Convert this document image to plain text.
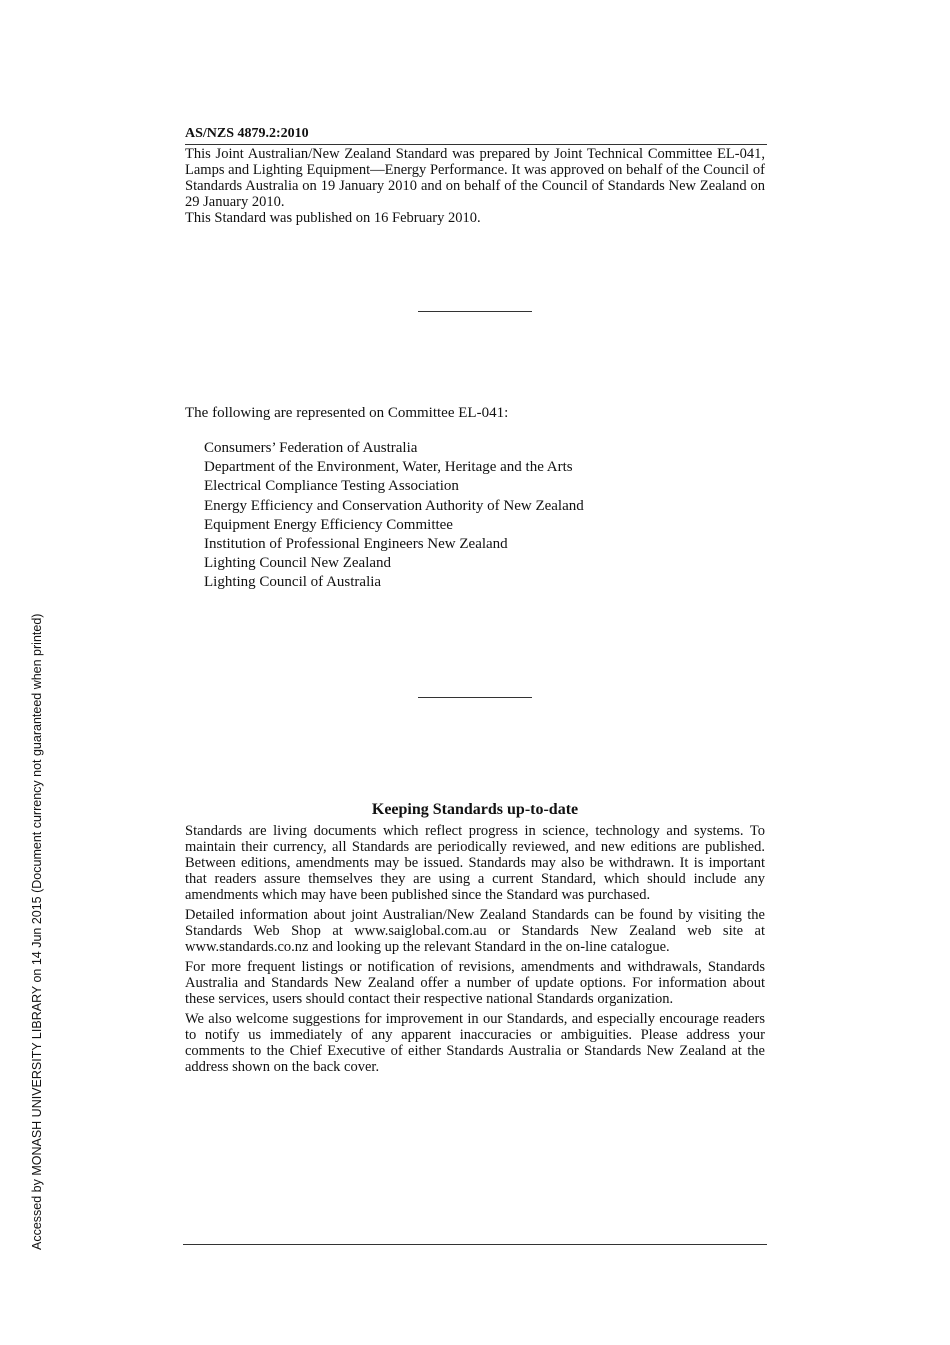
AS/NZS 4879.2:2010

This Joint Australian/New Zealand Standard was prepared by Joint Technical Committee EL-041, Lamps and Lighting Equipment—Energy Performance. It was approved on behalf of the Council of Standards Australia on 19 January 2010 and on behalf of the Council of Standards New Zealand on 29 January 2010.

This Standard was published on 16 February 2010.

The following are represented on Committee EL-041:
Consumers’ Federation of Australia
Department of the Environment, Water, Heritage and the Arts
Electrical Compliance Testing Association
Energy Efficiency and Conservation Authority of New Zealand
Equipment Energy Efficiency Committee
Institution of Professional Engineers New Zealand
Lighting Council New Zealand
Lighting Council of Australia
Keeping Standards up-to-date

Standards are living documents which reflect progress in science, technology and systems. To maintain their currency, all Standards are periodically reviewed, and new editions are published. Between editions, amendments may be issued. Standards may also be withdrawn. It is important that readers assure themselves they are using a current Standard, which should include any amendments which may have been published since the Standard was purchased.

Detailed information about joint Australian/New Zealand Standards can be found by visiting the Standards Web Shop at www.saiglobal.com.au or Standards New Zealand web site at www.standards.co.nz and looking up the relevant Standard in the on-line catalogue.

For more frequent listings or notification of revisions, amendments and withdrawals, Standards Australia and Standards New Zealand offer a number of update options. For information about these services, users should contact their respective national Standards organization.

We also welcome suggestions for improvement in our Standards, and especially encourage readers to notify us immediately of any apparent inaccuracies or ambiguities. Please address your comments to the Chief Executive of either Standards Australia or Standards New Zealand at the address shown on the back cover.

Accessed by MONASH UNIVERSITY LIBRARY on 14 Jun 2015 (Document currency not guaranteed when printed)
